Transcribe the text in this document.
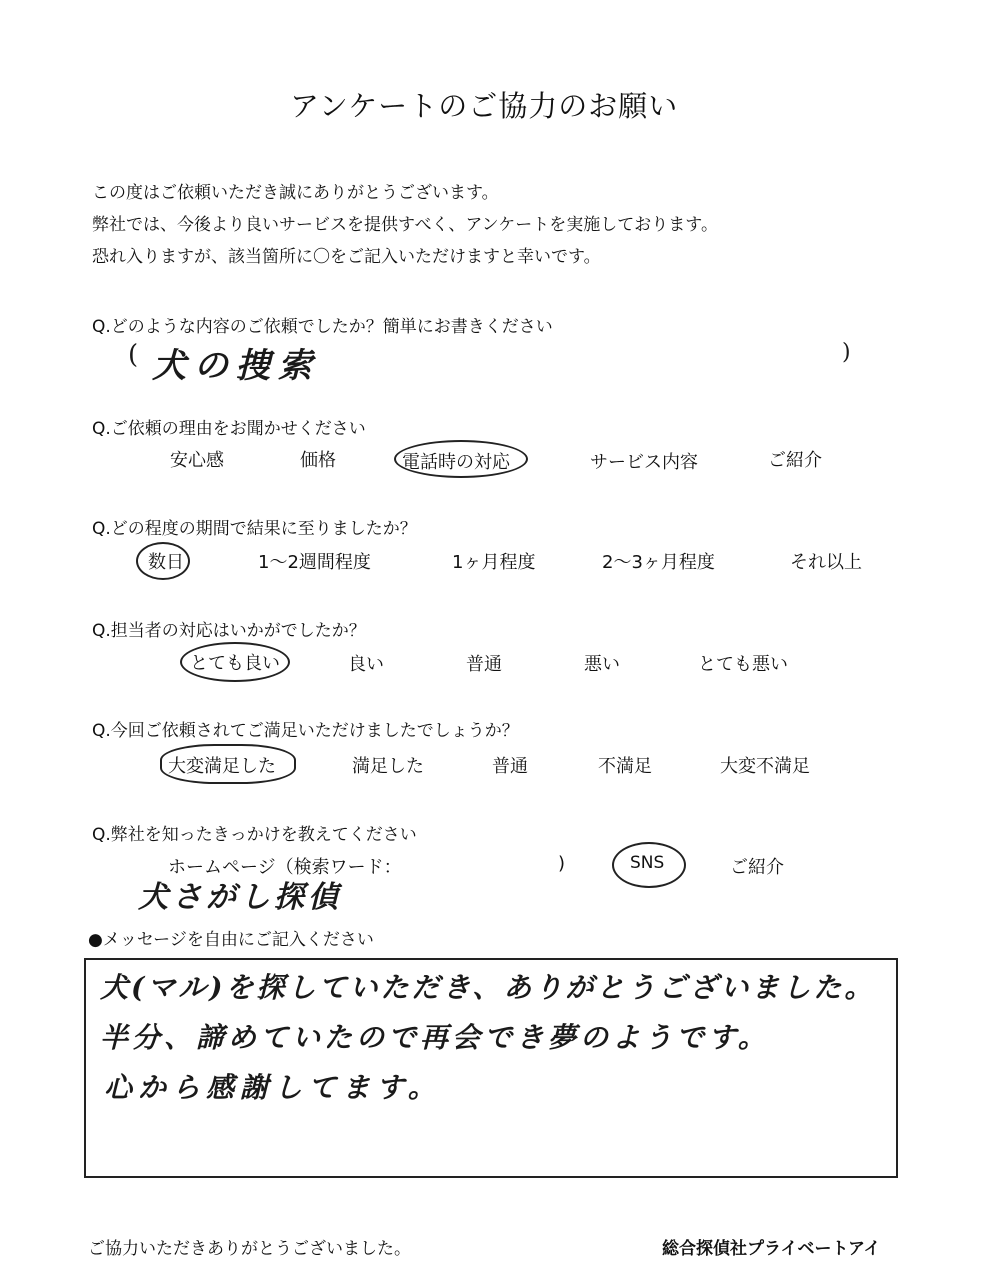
アンケートのご協力のお願い
この度はご依頼いただき誠にありがとうございます。
弊社では、今後より良いサービスを提供すべく、アンケートを実施しております。
恐れ入りますが、該当箇所に〇をご記入いただけますと幸いです。
Q.どのような内容のご依頼でしたか？簡単にお書きください
( 犬の捜索	)
Q.ご依頼の理由をお聞かせください
安心感	価格	電話時の対応	サービス内容	ご紹介
Q.どの程度の期間で結果に至りましたか？
数日	1～2週間程度	1ヶ月程度	2～3ヶ月程度	それ以上
Q.担当者の対応はいかがでしたか？
とても良い	良い	普通	悪い	とても悪い
Q.今回ご依頼されてご満足いただけましたでしょうか？
大変満足した	満足した	普通	不満足	大変不満足
Q.弊社を知ったきっかけを教えてください
ホームページ（検索ワード：	)	SNS	ご紹介
犬さがし探偵
●メッセージを自由にご記入ください
犬(マル)を探していただき、ありがとうございました。
半分、諦めていたので再会でき夢のようです。
心から感謝してます。
ご協力いただきありがとうございました。	総合探偵社プライベートアイ
